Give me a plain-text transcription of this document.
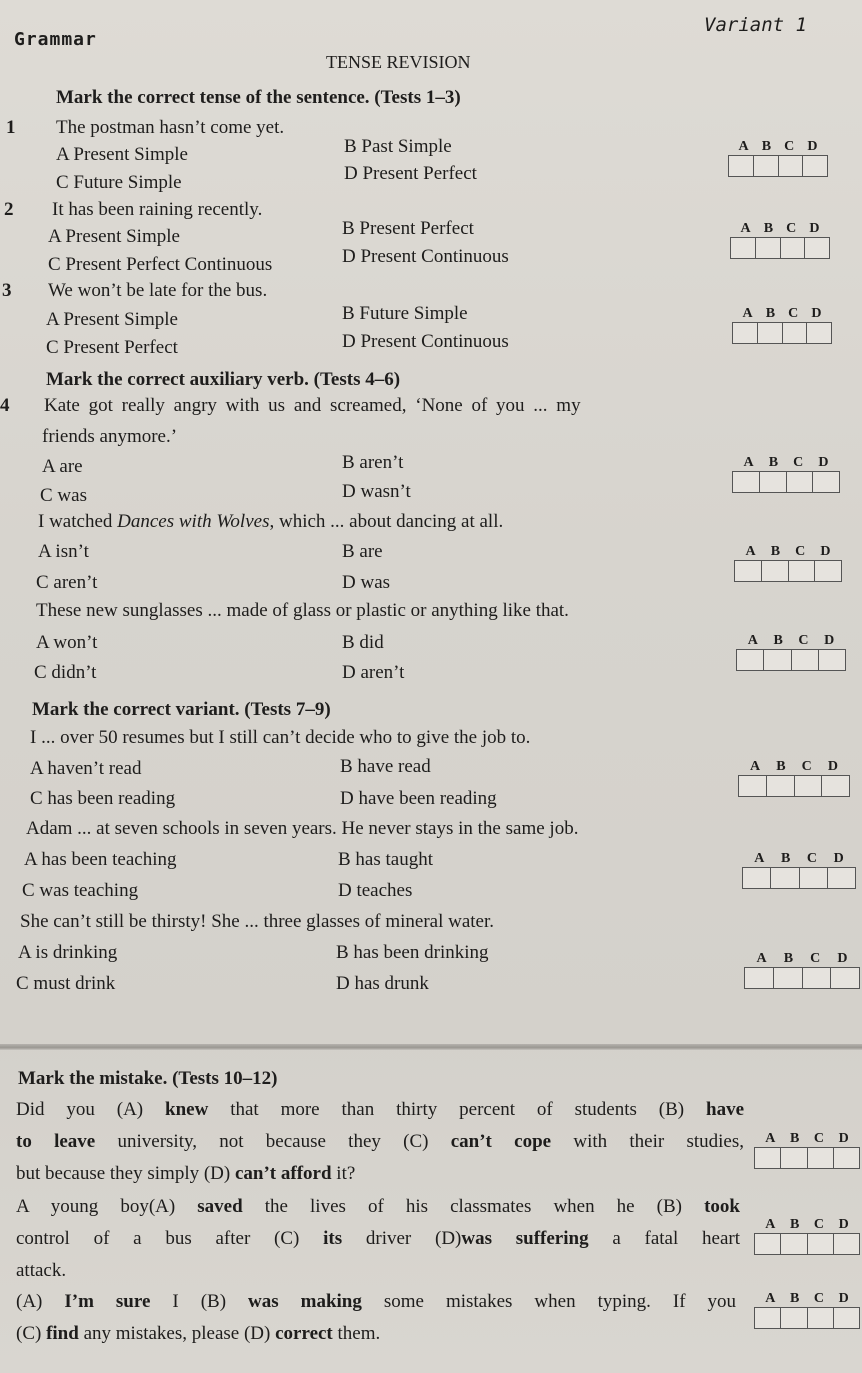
Grammar
Variant 1
TENSE REVISION
Mark the correct tense of the sentence. (Tests 1–3)
1 The postman hasn’t come yet.
A Present Simple	B Past Simple
C Future Simple	D Present Perfect
A B C D
2 It has been raining recently.
A Present Simple	B Present Perfect
C Present Perfect Continuous	D Present Continuous
A B C D
3 We won’t be late for the bus.
A Present Simple	B Future Simple
C Present Perfect	D Present Continuous
A B C D
Mark the correct auxiliary verb. (Tests 4–6)
4 Kate got really angry with us and screamed, ‘None of you ... my
friends anymore.’
A are	B aren’t
C was	D wasn’t
A B C D
I watched Dances with Wolves, which ... about dancing at all.
A isn’t	B are
C aren’t	D was
A B C D
These new sunglasses ... made of glass or plastic or anything like that.
A won’t	B did
C didn’t	D aren’t
A B C D
Mark the correct variant. (Tests 7–9)
I ... over 50 resumes but I still can’t decide who to give the job to.
A haven’t read	B have read
C has been reading	D have been reading
A B C D
Adam ... at seven schools in seven years. He never stays in the same job.
A has been teaching	B has taught
C was teaching	D teaches
A B C D
She can’t still be thirsty! She ... three glasses of mineral water.
A is drinking	B has been drinking
C must drink	D has drunk
A B C D
Mark the mistake. (Tests 10–12)
Did you (A) knew that more than thirty percent of students (B) have
to leave university, not because they (C) can’t cope with their studies,
but because they simply (D) can’t afford it?
A B C D
A young boy(A) saved the lives of his classmates when he (B) took
control of a bus after (C) its driver (D)was suffering a fatal heart
attack.
A B C D
(A) I’m sure I (B) was making some mistakes when typing. If you
(C) find any mistakes, please (D) correct them.
A B C D
